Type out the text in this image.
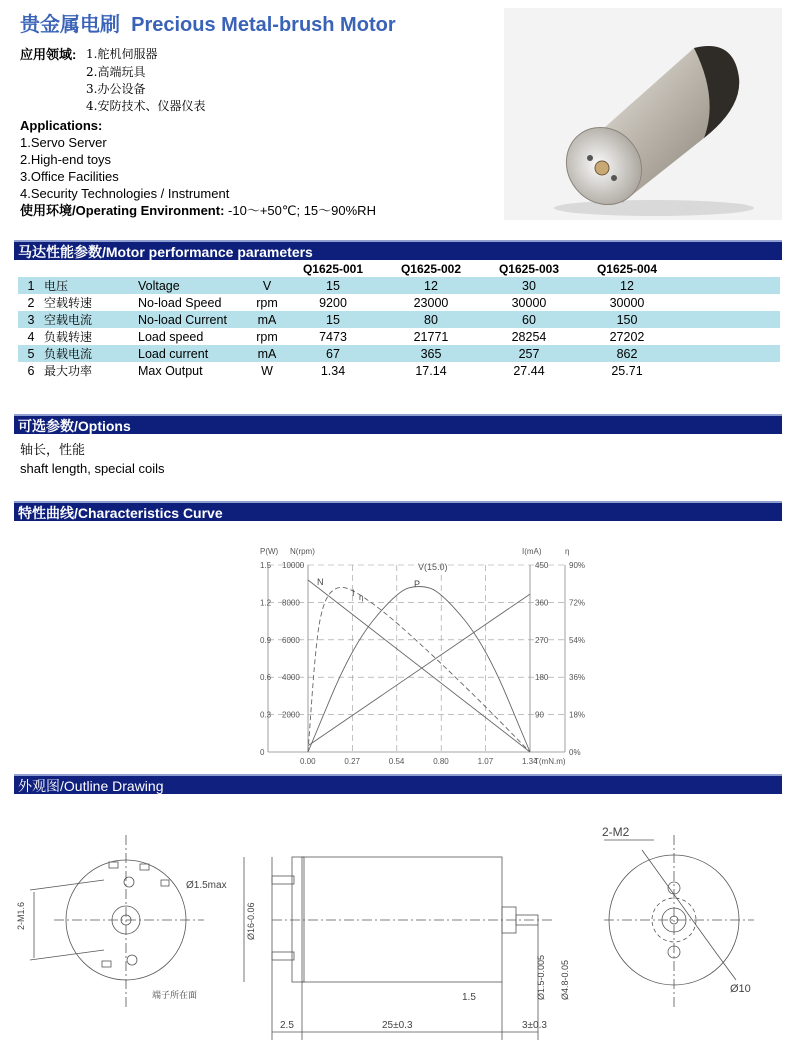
贵金属电刷 Precious Metal-brush Motor
应用领域: 1.舵机伺服器
2.高端玩具
3.办公设备
4.安防技术、仪器仪表
Applications:
1.Servo Server
2.High-end toys
3.Office Facilities
4.Security Technologies / Instrument
使用环境/Operating Environment: -10～+50℃; 15～90%RH
马达性能参数/Motor performance parameters
				Q1625-001	Q1625-002	Q1625-003	Q1625-004	
1	电压	Voltage	V	15	12	30	12	
2	空载转速	No-load Speed	rpm	9200	23000	30000	30000	
3	空载电流	No-load Current	mA	15	80	60	150	
4	负载转速	Load speed	rpm	7473	21771	28254	27202	
5	负载电流	Load current	mA	67	365	257	862	
6	最大功率	Max Output	W	1.34	17.14	27.44	25.71	
可选参数/Options
轴长，性能
shaft length, special coils
特性曲线/Characteristics Curve
P(W) N(rpm)	I(mA)	η
V(15.0)
0.00	0.27	0.54	0.80	1.07	1.34
T(mN.m)
1.5
1.2
0.9
0.6
0.3
0
10000
8000
6000
4000
2000
450
360
270
180
90
90%
72%
54%
36%
18%
0%
N	P
I η
外观图/Outline Drawing
2-M1.6
Ø1.5max
端子所在面
Ø16-0.06
2.5	25±0.3	3±0.3
1.5	Ø1.5-0.005 Ø4.8-0.05
2-M2
Ø10
